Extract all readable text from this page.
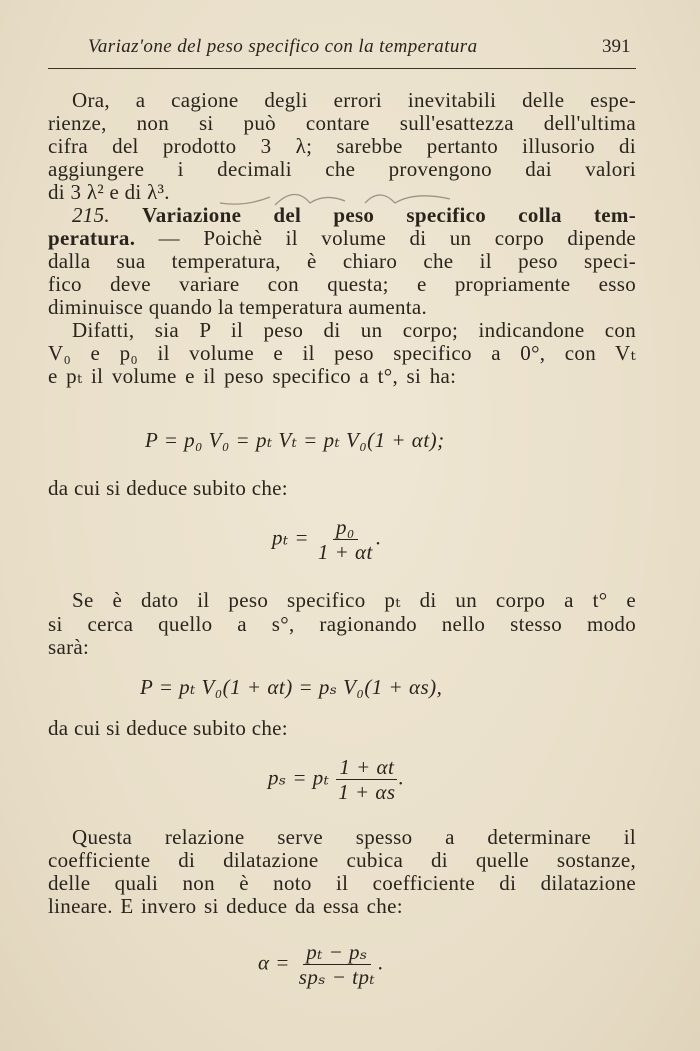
Variaz'one del peso specifico con la temperatura	391
Ora, a cagione degli errori inevitabili delle espe-
rienze, non si può contare sull'esattezza dell'ultima
cifra del prodotto 3 λ; sarebbe pertanto illusorio di
aggiungere i decimali che provengono dai valori
di 3 λ² e di λ³.
215. Variazione del peso specifico colla tem-
peratura. — Poichè il volume di un corpo dipende
dalla sua temperatura, è chiaro che il peso speci-
fico deve variare con questa; e propriamente esso
diminuisce quando la temperatura aumenta.
Difatti, sia P il peso di un corpo; indicandone con
V₀ e p₀ il volume e il peso specifico a 0°, con Vₜ
e pₜ il volume e il peso specifico a t°, si ha:
P = p₀ V₀ = pₜ Vₜ = pₜ V₀(1 + αt);
da cui si deduce subito che:
$p_t = \frac{\text{p₀}}{1 + \alpha t}$ .
Se è dato il peso specifico pₜ di un corpo a t° e
si cerca quello a s°, ragionando nello stesso modo
sarà:
P = pₜ V₀(1 + αt) = pₛ V₀(1 + αs),
da cui si deduce subito che:
pₛ = pₜ $\frac{1 + \alpha t}{1 + \alpha s}$ .
Questa relazione serve spesso a determinare il
coefficiente di dilatazione cubica di quelle sostanze,
delle quali non è noto il coefficiente di dilatazione
lineare. E invero si deduce da essa che:
$\alpha = \frac{\text{pₜ − pₛ}}{\text{spₛ − tpₜ}}$ .
